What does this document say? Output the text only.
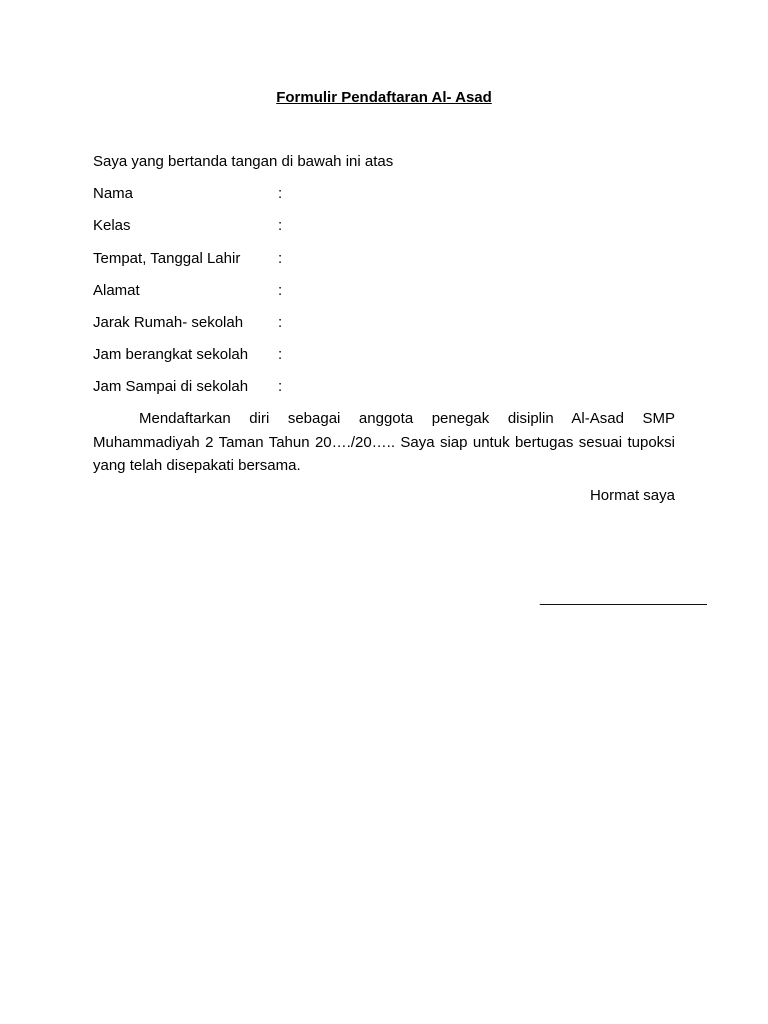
Formulir Pendaftaran Al- Asad
Saya yang bertanda tangan di bawah ini atas
Nama	:
Kelas	:
Tempat, Tanggal Lahir	:
Alamat	:
Jarak Rumah- sekolah :
Jam berangkat sekolah :
Jam Sampai di sekolah :
Mendaftarkan diri sebagai anggota penegak disiplin Al-Asad SMP Muhammadiyah 2 Taman Tahun 20…./20….. Saya siap untuk bertugas sesuai tupoksi yang telah disepakati bersama.
Hormat saya
____________________
